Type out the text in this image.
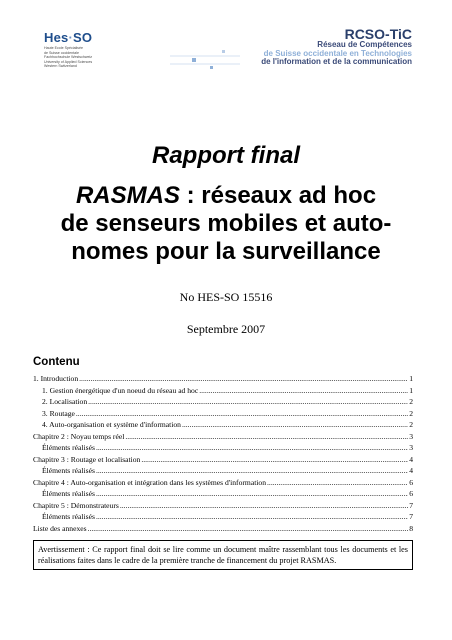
Hes·SO
Haute Ecole Spécialisée
de Suisse occidentale
Fachhochschule Westschweiz
University of Applied Sciences
Western Switzerland
RCSO-TiC
Réseau de Compétences
de Suisse occidentale en Technologies
de l'information et de la communication
Rapport final
RASMAS : réseaux ad hoc
de senseurs mobiles et auto-
nomes pour la surveillance
No HES-SO 15516
Septembre 2007
Contenu
1. Introduction .....	1
1. Gestion énergétique d'un noeud du réseau ad hoc .....	1
2. Localisation .....	2
3. Routage .....	2
4. Auto-organisation et système d'information .....	2
Chapitre 2 : Noyau temps réel .....	3
Éléments réalisés .....	3
Chapitre 3 : Routage et localisation .....	4
Éléments réalisés .....	4
Chapitre 4 : Auto-organisation et intégration dans les systèmes d'information .....	6
Éléments réalisés .....	6
Chapitre 5 : Démonstrateurs .....	7
Éléments réalisés .....	7
Liste des annexes .....	8
Avertissement : Ce rapport final doit se lire comme un document maître rassemblant tous les documents et les réalisations faites dans le cadre de la première tranche de financement du projet RASMAS.
